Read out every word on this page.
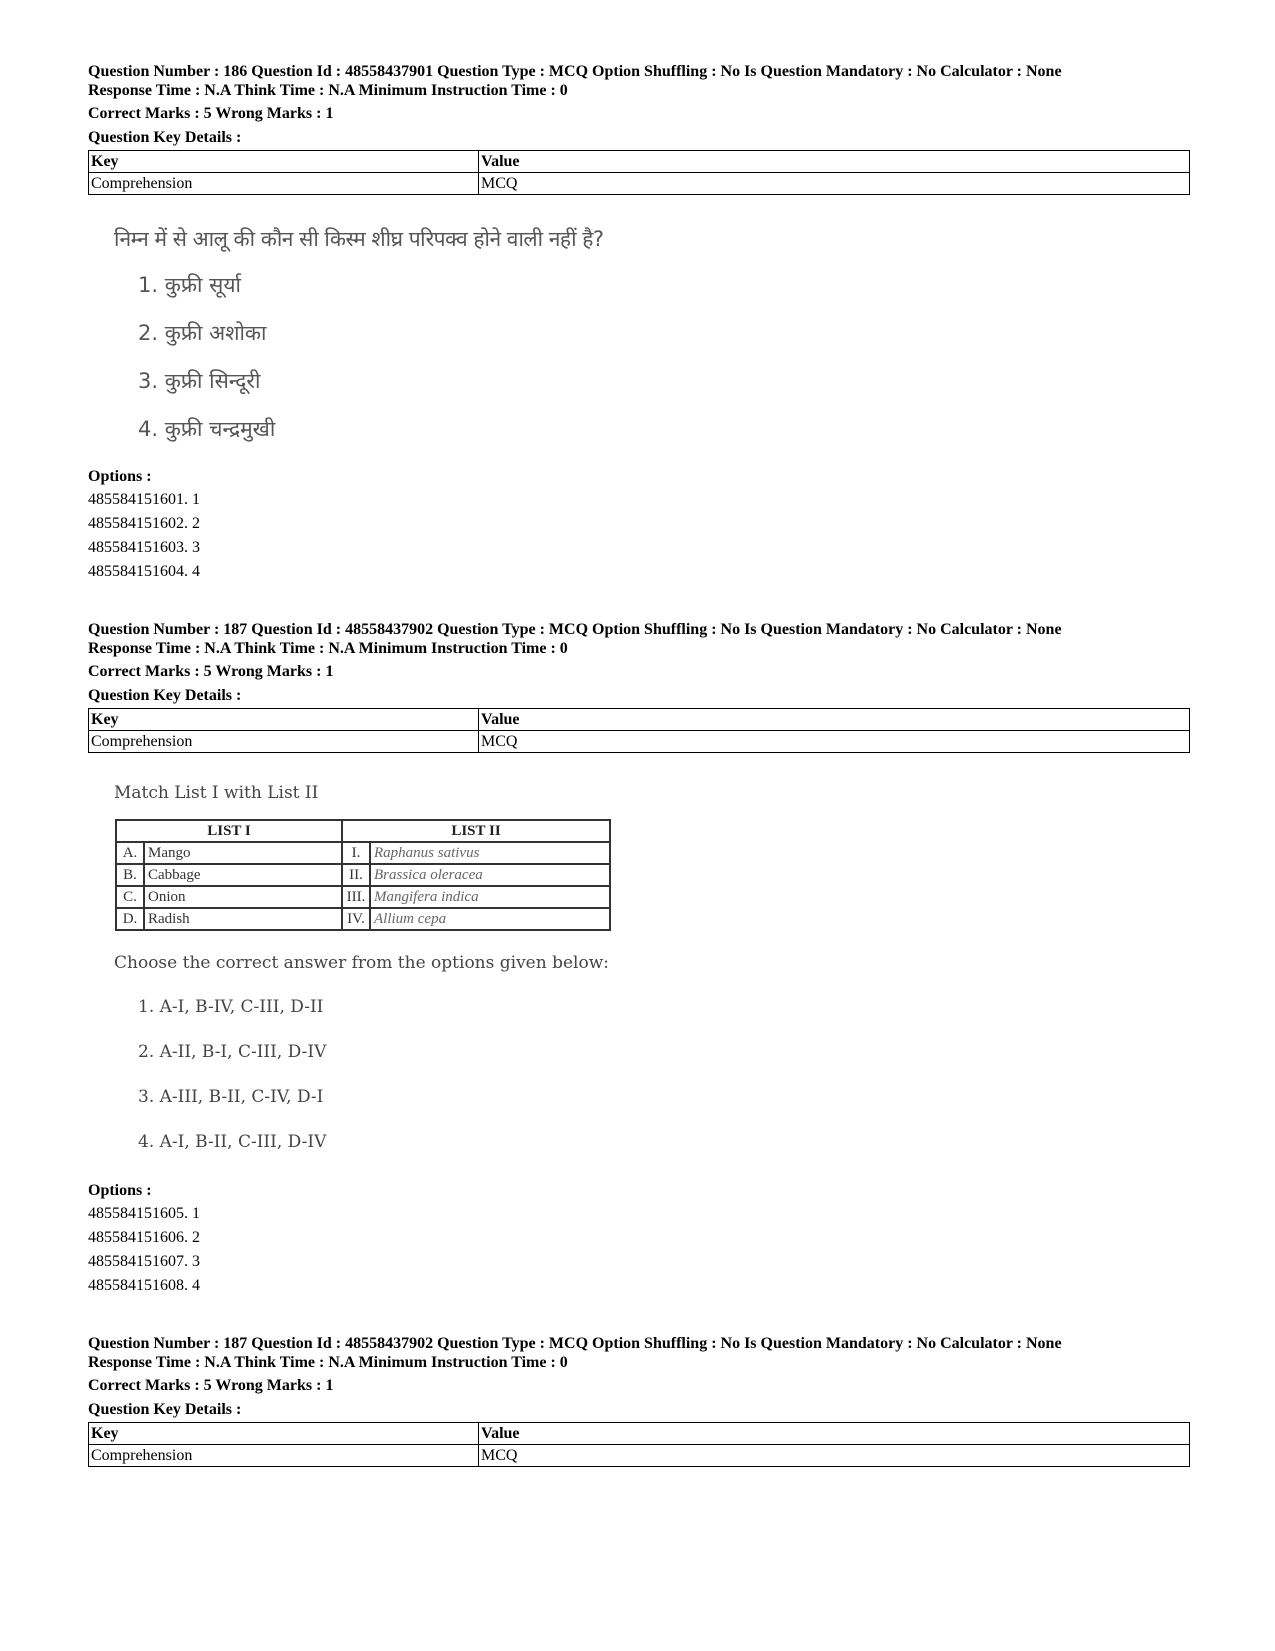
Question Number : 186 Question Id : 48558437901 Question Type : MCQ Option Shuffling : No Is Question Mandatory : No Calculator : None
Response Time : N.A Think Time : N.A Minimum Instruction Time : 0
Correct Marks : 5 Wrong Marks : 1
Question Key Details :
Key	Value
Comprehension	MCQ
निम्न में से आलू की कौन सी किस्म शीघ्र परिपक्व होने वाली नहीं है?
1. कुफ्री सूर्या
2. कुफ्री अशोका
3. कुफ्री सिन्दूरी
4. कुफ्री चन्द्रमुखी
Options :
485584151601. 1
485584151602. 2
485584151603. 3
485584151604. 4
Question Number : 187 Question Id : 48558437902 Question Type : MCQ Option Shuffling : No Is Question Mandatory : No Calculator : None
Response Time : N.A Think Time : N.A Minimum Instruction Time : 0
Correct Marks : 5 Wrong Marks : 1
Question Key Details :
Key	Value
Comprehension	MCQ
Match List I with List II
LIST I		LIST II	
A.	Mango	I.	Raphanus sativus
B.	Cabbage	II.	Brassica oleracea
C.	Onion	III.	Mangifera indica
D.	Radish	IV.	Allium cepa
Choose the correct answer from the options given below:
1. A-I, B-IV, C-III, D-II
2. A-II, B-I, C-III, D-IV
3. A-III, B-II, C-IV, D-I
4. A-I, B-II, C-III, D-IV
Options :
485584151605. 1
485584151606. 2
485584151607. 3
485584151608. 4
Question Number : 187 Question Id : 48558437902 Question Type : MCQ Option Shuffling : No Is Question Mandatory : No Calculator : None
Response Time : N.A Think Time : N.A Minimum Instruction Time : 0
Correct Marks : 5 Wrong Marks : 1
Question Key Details :
Key	Value
Comprehension	MCQ
